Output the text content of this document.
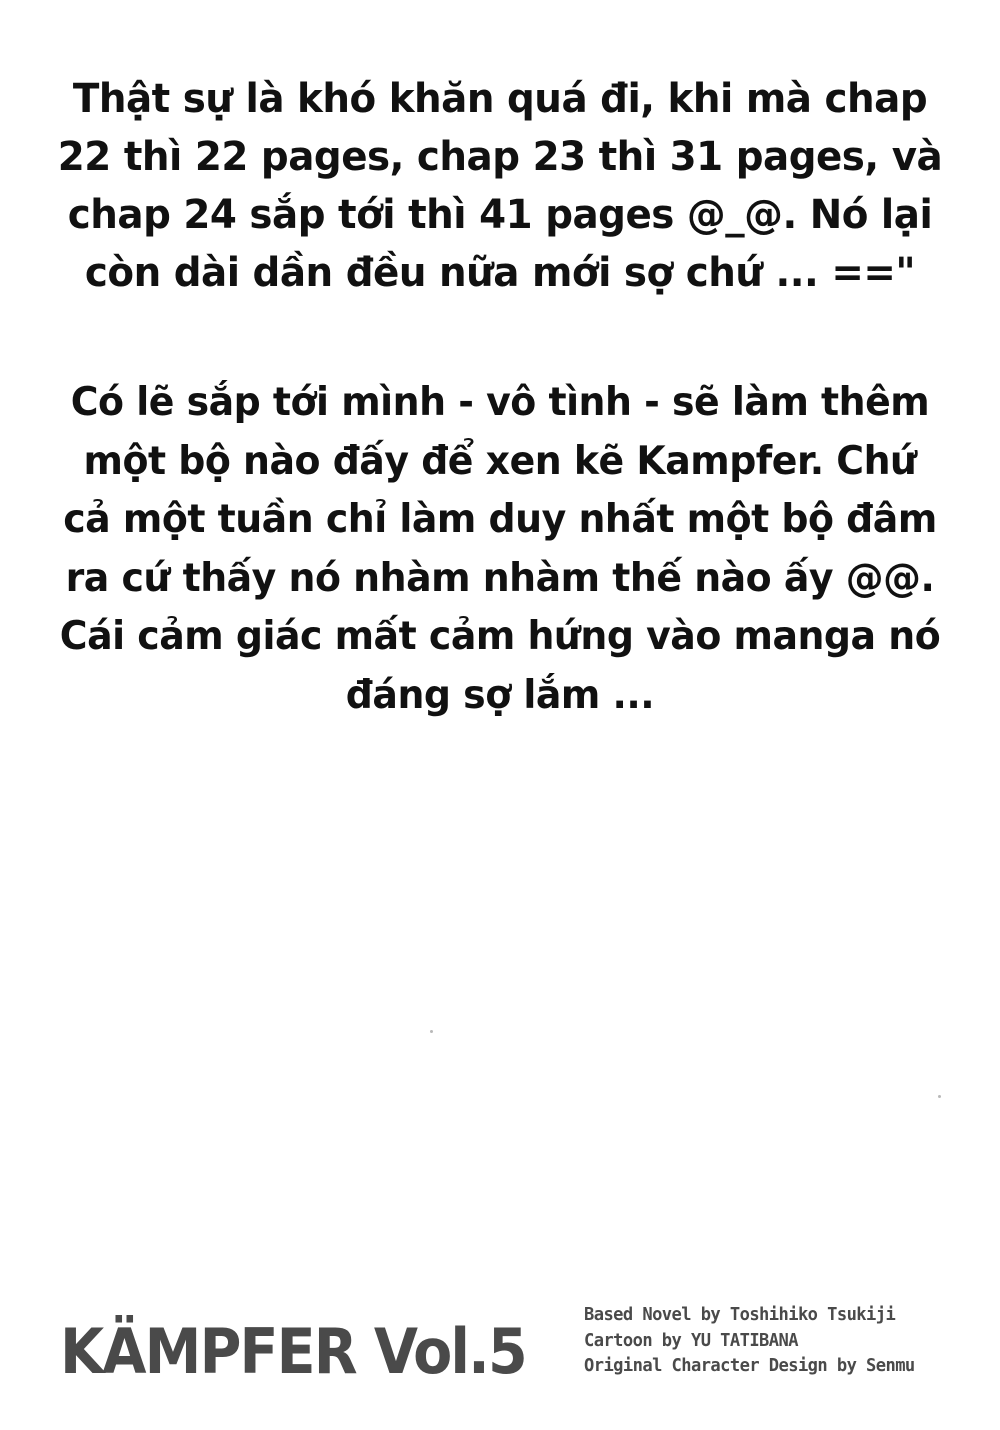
Thật sự là khó khăn quá đi, khi mà chap 22 thì 22 pages, chap 23 thì 31 pages, và chap 24 sắp tới thì 41 pages @_@. Nó lại còn dài dần đều nữa mới sợ chứ ... =="

Có lẽ sắp tới mình - vô tình - sẽ làm thêm một bộ nào đấy để xen kẽ Kampfer. Chứ cả một tuần chỉ làm duy nhất một bộ đâm ra cứ thấy nó nhàm nhàm thế nào ấy @@. Cái cảm giác mất cảm hứng vào manga nó đáng sợ lắm ...

KÄMPFER Vol.5
Based Novel by Toshihiko Tsukiji
Cartoon by YU TATIBANA
Original Character Design by Senmu
